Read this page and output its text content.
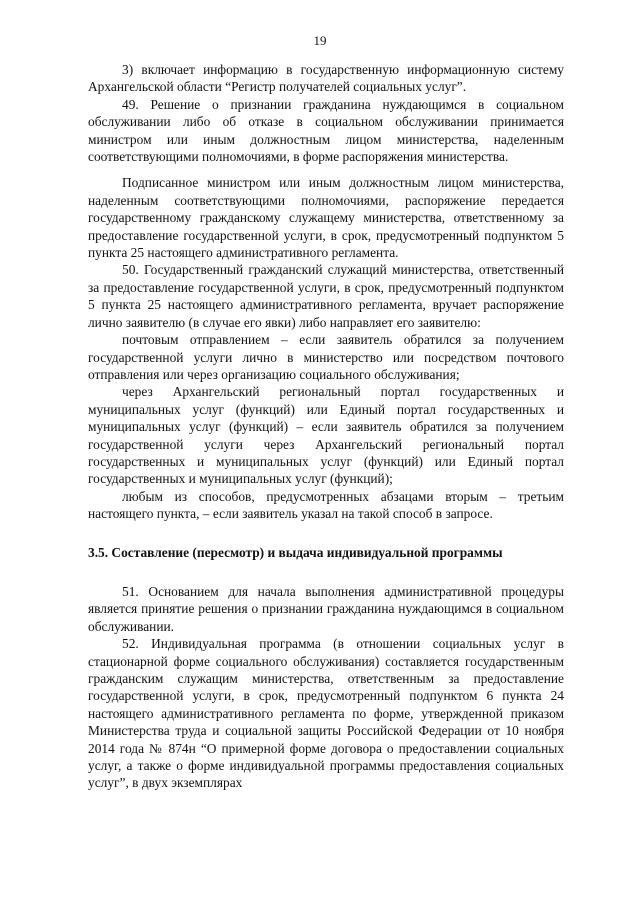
19

3) включает информацию в государственную информационную систему Архангельской области “Регистр получателей социальных услуг”.

49. Решение о признании гражданина нуждающимся в социальном обслуживании либо об отказе в социальном обслуживании принимается министром или иным должностным лицом министерства, наделенным соответствующими полномочиями, в форме распоряжения министерства.

Подписанное министром или иным должностным лицом министерства, наделенным соответствующими полномочиями, распоряжение передается государственному гражданскому служащему министерства, ответственному за предоставление государственной услуги, в срок, предусмотренный подпунктом 5 пункта 25 настоящего административного регламента.

50. Государственный гражданский служащий министерства, ответственный за предоставление государственной услуги, в срок, предусмотренный подпунктом 5 пункта 25 настоящего административного регламента, вручает распоряжение лично заявителю (в случае его явки) либо направляет его заявителю:

почтовым отправлением – если заявитель обратился за получением государственной услуги лично в министерство или посредством почтового отправления или через организацию социального обслуживания;

через Архангельский региональный портал государственных и муниципальных услуг (функций) или Единый портал государственных и муниципальных услуг (функций) – если заявитель обратился за получением государственной услуги через Архангельский региональный портал государственных и муниципальных услуг (функций) или Единый портал государственных и муниципальных услуг (функций);

любым из способов, предусмотренных абзацами вторым – третьим настоящего пункта, – если заявитель указал на такой способ в запросе.

3.5. Составление (пересмотр) и выдача индивидуальной программы

51. Основанием для начала выполнения административной процедуры является принятие решения о признании гражданина нуждающимся в социальном обслуживании.

52. Индивидуальная программа (в отношении социальных услуг в стационарной форме социального обслуживания) составляется государственным гражданским служащим министерства, ответственным за предоставление государственной услуги, в срок, предусмотренный подпунктом 6 пункта 24 настоящего административного регламента по форме, утвержденной приказом Министерства труда и социальной защиты Российской Федерации от 10 ноября 2014 года № 874н “О примерной форме договора о предоставлении социальных услуг, а также о форме индивидуальной программы предоставления социальных услуг”, в двух экземплярах
